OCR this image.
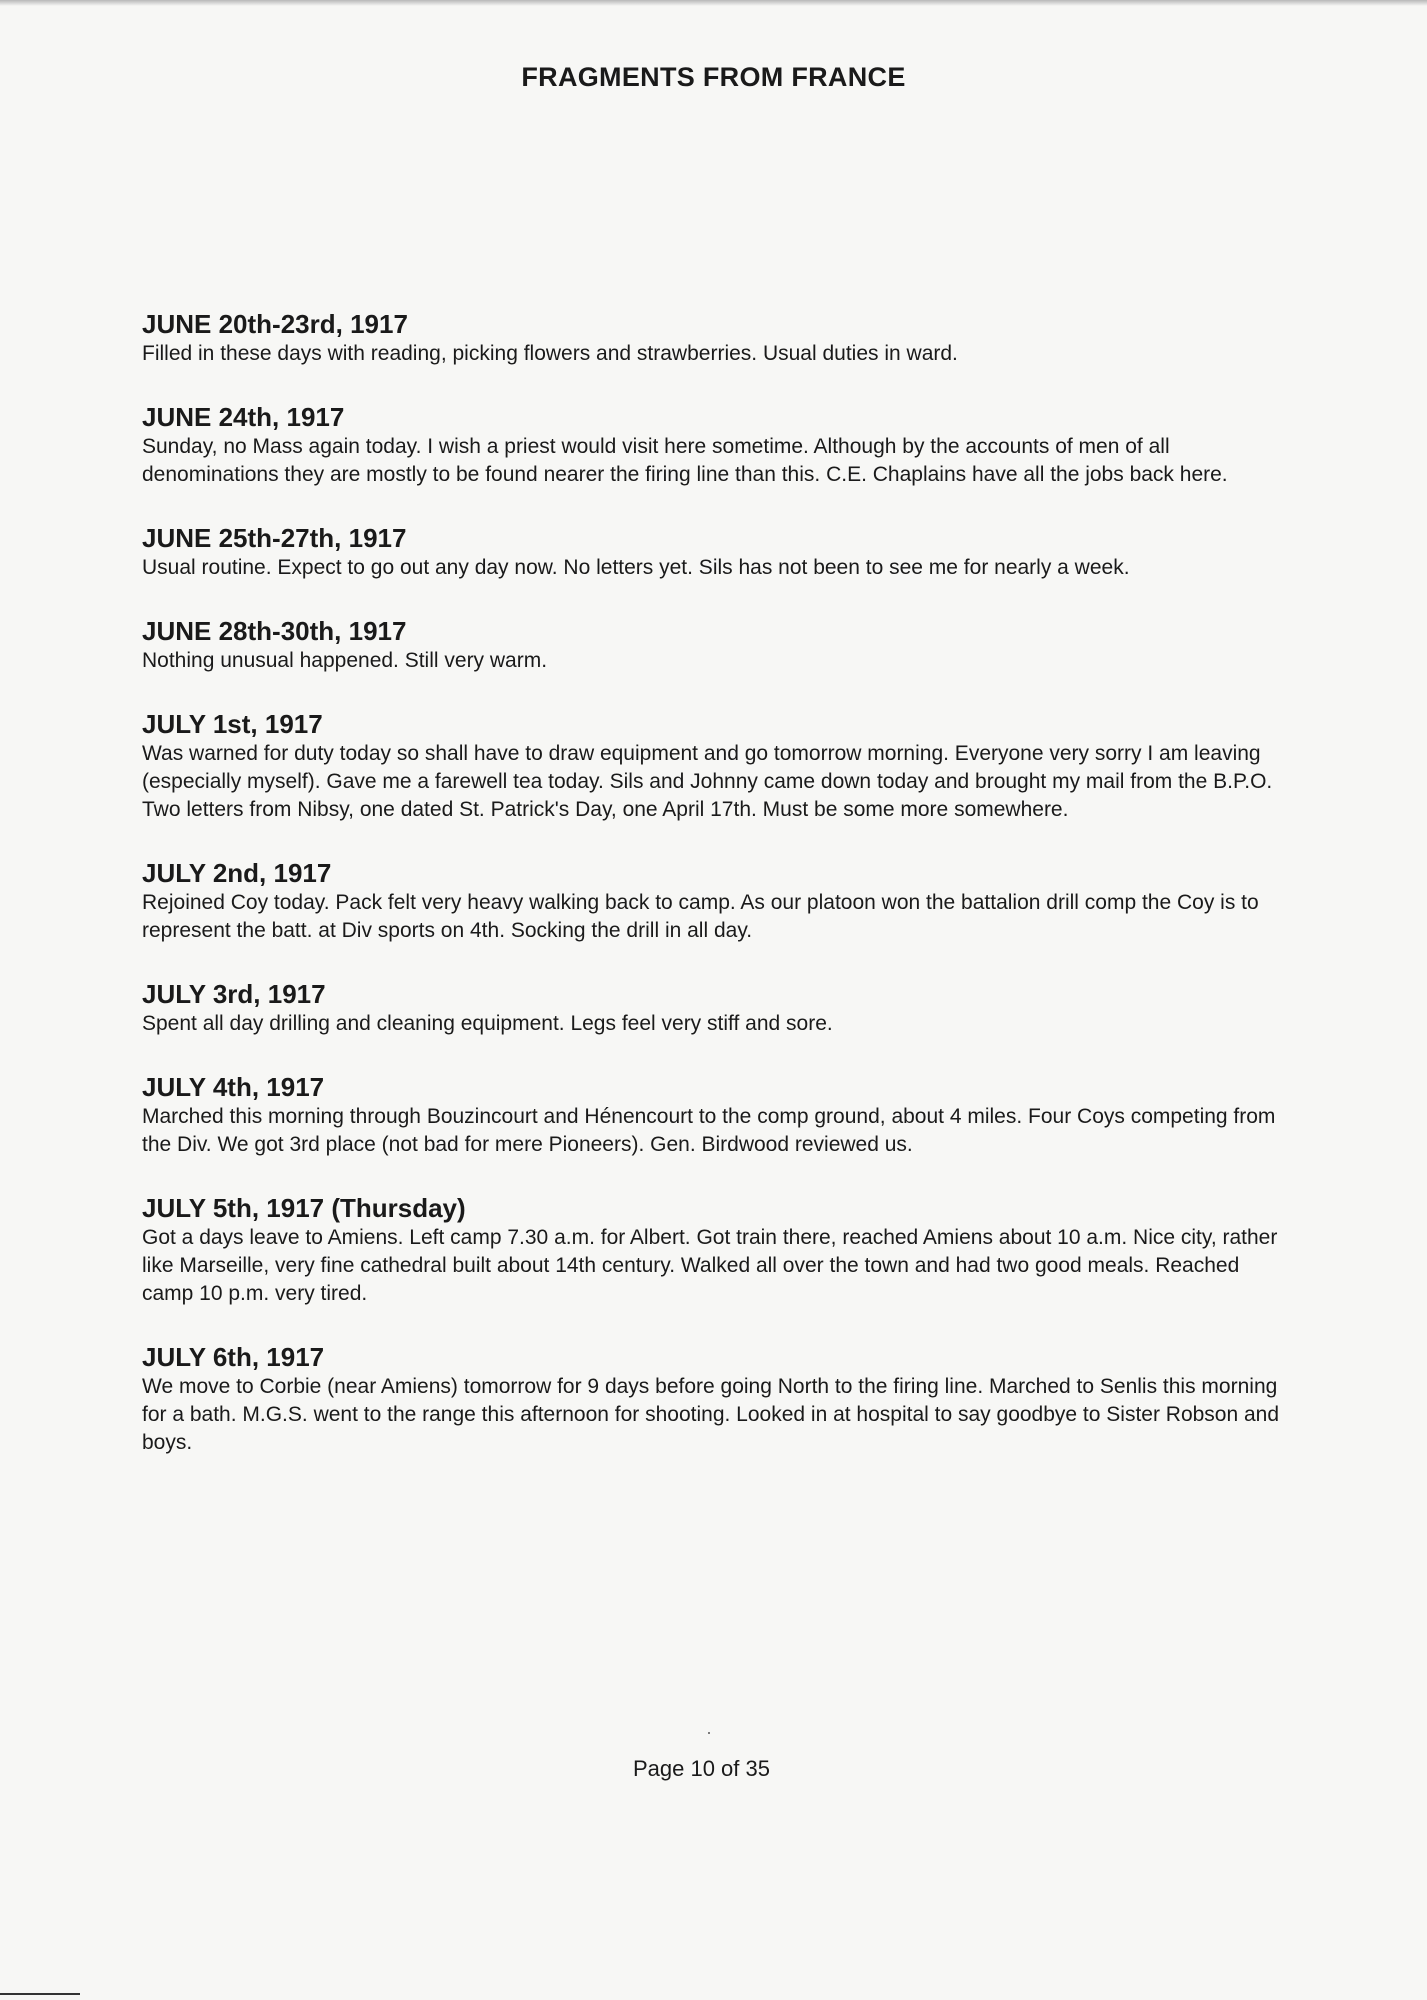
FRAGMENTS FROM FRANCE

JUNE 20th-23rd, 1917

Filled in these days with reading, picking flowers and strawberries. Usual duties in ward.

JUNE 24th, 1917

Sunday, no Mass again today. I wish a priest would visit here sometime. Although by the accounts of men of all denominations they are mostly to be found nearer the firing line than this. C.E. Chaplains have all the jobs back here.

JUNE 25th-27th, 1917

Usual routine. Expect to go out any day now. No letters yet. Sils has not been to see me for nearly a week.

JUNE 28th-30th, 1917

Nothing unusual happened. Still very warm.

JULY 1st, 1917

Was warned for duty today so shall have to draw equipment and go tomorrow morning. Everyone very sorry I am leaving (especially myself). Gave me a farewell tea today. Sils and Johnny came down today and brought my mail from the B.P.O. Two letters from Nibsy, one dated St. Patrick's Day, one April 17th. Must be some more somewhere.

JULY 2nd, 1917

Rejoined Coy today. Pack felt very heavy walking back to camp. As our platoon won the battalion drill comp the Coy is to represent the batt. at Div sports on 4th. Socking the drill in all day.

JULY 3rd, 1917

Spent all day drilling and cleaning equipment. Legs feel very stiff and sore.

JULY 4th, 1917

Marched this morning through Bouzincourt and Hénencourt to the comp ground, about 4 miles. Four Coys competing from the Div. We got 3rd place (not bad for mere Pioneers). Gen. Birdwood reviewed us.

JULY 5th, 1917 (Thursday)

Got a days leave to Amiens. Left camp 7.30 a.m. for Albert. Got train there, reached Amiens about 10 a.m. Nice city, rather like Marseille, very fine cathedral built about 14th century. Walked all over the town and had two good meals. Reached camp 10 p.m. very tired.

JULY 6th, 1917

We move to Corbie (near Amiens) tomorrow for 9 days before going North to the firing line. Marched to Senlis this morning for a bath. M.G.S. went to the range this afternoon for shooting. Looked in at hospital to say goodbye to Sister Robson and boys.

Page 10 of 35
